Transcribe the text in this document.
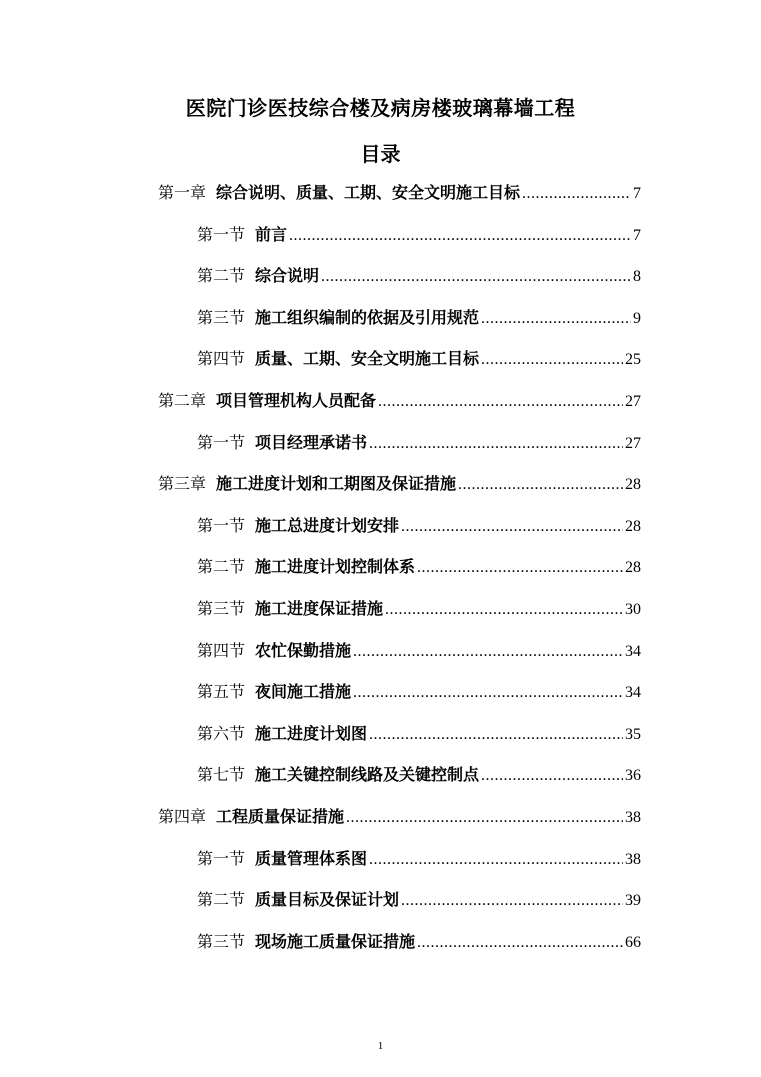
医院门诊医技综合楼及病房楼玻璃幕墙工程
目录
第一章 综合说明、质量、工期、安全文明施工目标 .....	7
第一节 前言 .....	7
第二节 综合说明 .....	8
第三节 施工组织编制的依据及引用规范 .....	9
第四节 质量、工期、安全文明施工目标 .....	25
第二章 项目管理机构人员配备 .....	27
第一节 项目经理承诺书 .....	27
第三章 施工进度计划和工期图及保证措施 .....	28
第一节 施工总进度计划安排 .....	28
第二节 施工进度计划控制体系 .....	28
第三节 施工进度保证措施 .....	30
第四节 农忙保勤措施 .....	34
第五节 夜间施工措施 .....	34
第六节 施工进度计划图 .....	35
第七节 施工关键控制线路及关键控制点 .....	36
第四章 工程质量保证措施 .....	38
第一节 质量管理体系图 .....	38
第二节 质量目标及保证计划 .....	39
第三节 现场施工质量保证措施 .....	66
1
